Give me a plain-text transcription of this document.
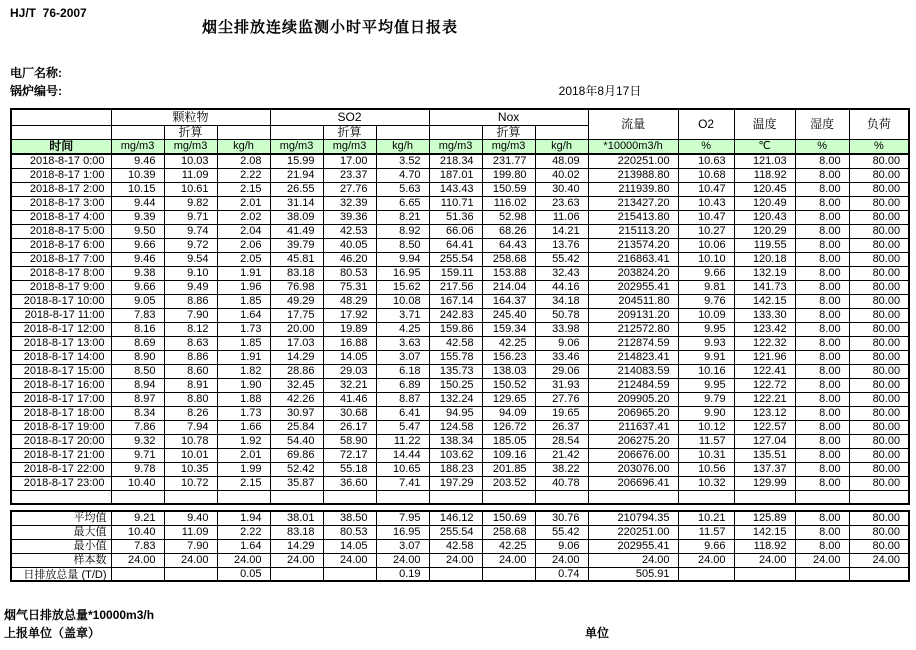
HJ/T  76-2007
烟尘排放连续监测小时平均值日报表
电厂名称:
锅炉编号:	2018年8月17日
	颗粒物			SO2			Nox			流量	O2	温度	湿度	负荷
		折算			折算			折算						
时间	mg/m3	mg/m3	kg/h	mg/m3	mg/m3	kg/h	mg/m3	mg/m3	kg/h	*10000m3/h	%	℃	%	%
2018-8-17 0:00	9.46	10.03	2.08	15.99	17.00	3.52	218.34	231.77	48.09	220251.00	10.63	121.03	8.00	80.00
2018-8-17 1:00	10.39	11.09	2.22	21.94	23.37	4.70	187.01	199.80	40.02	213988.80	10.68	118.92	8.00	80.00
2018-8-17 2:00	10.15	10.61	2.15	26.55	27.76	5.63	143.43	150.59	30.40	211939.80	10.47	120.45	8.00	80.00
2018-8-17 3:00	9.44	9.82	2.01	31.14	32.39	6.65	110.71	116.02	23.63	213427.20	10.43	120.49	8.00	80.00
2018-8-17 4:00	9.39	9.71	2.02	38.09	39.36	8.21	51.36	52.98	11.06	215413.80	10.47	120.43	8.00	80.00
2018-8-17 5:00	9.50	9.74	2.04	41.49	42.53	8.92	66.06	68.26	14.21	215113.20	10.27	120.29	8.00	80.00
2018-8-17 6:00	9.66	9.72	2.06	39.79	40.05	8.50	64.41	64.43	13.76	213574.20	10.06	119.55	8.00	80.00
2018-8-17 7:00	9.46	9.54	2.05	45.81	46.20	9.94	255.54	258.68	55.42	216863.41	10.10	120.18	8.00	80.00
2018-8-17 8:00	9.38	9.10	1.91	83.18	80.53	16.95	159.11	153.88	32.43	203824.20	9.66	132.19	8.00	80.00
2018-8-17 9:00	9.66	9.49	1.96	76.98	75.31	15.62	217.56	214.04	44.16	202955.41	9.81	141.73	8.00	80.00
2018-8-17 10:00	9.05	8.86	1.85	49.29	48.29	10.08	167.14	164.37	34.18	204511.80	9.76	142.15	8.00	80.00
2018-8-17 11:00	7.83	7.90	1.64	17.75	17.92	3.71	242.83	245.40	50.78	209131.20	10.09	133.30	8.00	80.00
2018-8-17 12:00	8.16	8.12	1.73	20.00	19.89	4.25	159.86	159.34	33.98	212572.80	9.95	123.42	8.00	80.00
2018-8-17 13:00	8.69	8.63	1.85	17.03	16.88	3.63	42.58	42.25	9.06	212874.59	9.93	122.32	8.00	80.00
2018-8-17 14:00	8.90	8.86	1.91	14.29	14.05	3.07	155.78	156.23	33.46	214823.41	9.91	121.96	8.00	80.00
2018-8-17 15:00	8.50	8.60	1.82	28.86	29.03	6.18	135.73	138.03	29.06	214083.59	10.16	122.41	8.00	80.00
2018-8-17 16:00	8.94	8.91	1.90	32.45	32.21	6.89	150.25	150.52	31.93	212484.59	9.95	122.72	8.00	80.00
2018-8-17 17:00	8.97	8.80	1.88	42.26	41.46	8.87	132.24	129.65	27.76	209905.20	9.79	122.21	8.00	80.00
2018-8-17 18:00	8.34	8.26	1.73	30.97	30.68	6.41	94.95	94.09	19.65	206965.20	9.90	123.12	8.00	80.00
2018-8-17 19:00	7.86	7.94	1.66	25.84	26.17	5.47	124.58	126.72	26.37	211637.41	10.12	122.57	8.00	80.00
2018-8-17 20:00	9.32	10.78	1.92	54.40	58.90	11.22	138.34	185.05	28.54	206275.20	11.57	127.04	8.00	80.00
2018-8-17 21:00	9.71	10.01	2.01	69.86	72.17	14.44	103.62	109.16	21.42	206676.00	10.31	135.51	8.00	80.00
2018-8-17 22:00	9.78	10.35	1.99	52.42	55.18	10.65	188.23	201.85	38.22	203076.00	10.56	137.37	8.00	80.00
2018-8-17 23:00	10.40	10.72	2.15	35.87	36.60	7.41	197.29	203.52	40.78	206696.41	10.32	129.99	8.00	80.00

平均值	9.21	9.40	1.94	38.01	38.50	7.95	146.12	150.69	30.76	210794.35	10.21	125.89	8.00	80.00
最大值	10.40	11.09	2.22	83.18	80.53	16.95	255.54	258.68	55.42	220251.00	11.57	142.15	8.00	80.00
最小值	7.83	7.90	1.64	14.29	14.05	3.07	42.58	42.25	9.06	202955.41	9.66	118.92	8.00	80.00
样本数	24.00	24.00	24.00	24.00	24.00	24.00	24.00	24.00	24.00	24.00	24.00	24.00	24.00	24.00

日排放总量 (T/D)			0.05			0.19			0.74	505.91				
烟气日排放总量*10000m3/h
上报单位（盖章）	单位
